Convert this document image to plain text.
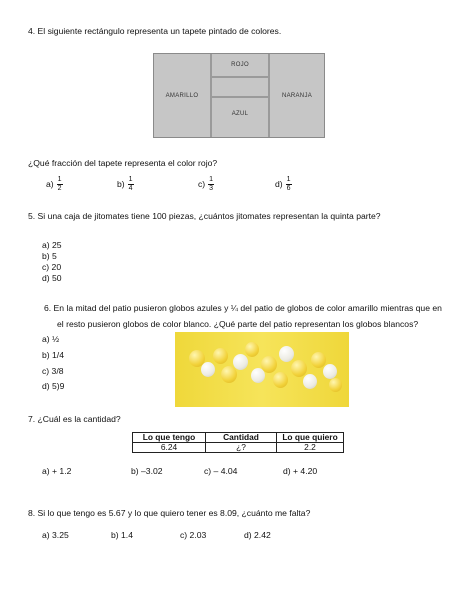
4. El siguiente rectángulo representa un tapete pintado de colores.
AMARILLO
ROJO
AZUL
NARANJA
¿Qué fracción del tapete representa el color rojo?
$a) \frac{1}{2}$	$b) \frac{1}{4}$	$c) \frac{1}{3}$	$d) \frac{1}{6}$
5. Si una caja de jitomates tiene 100 piezas, ¿cuántos jitomates representan la quinta parte?
a) 25
b) 5
c) 20
d) 50
6. En la mitad del patio pusieron globos azules y ¼ del patio de globos de color amarillo mientras que en
el resto pusieron globos de color blanco. ¿Qué parte del patio representan los globos blancos?
a) ½
b) 1/4
c) 3/8
d) 5)9
7. ¿Cuál es la cantidad?
Lo que tengo	Cantidad	Lo que quiero
6.24	¿?	2.2
a) + 1.2	b) –3.02	c) – 4.04	d) + 4.20
8. Si lo que tengo es 5.67 y lo que quiero tener es 8.09, ¿cuánto me falta?
a) 3.25	b) 1.4	c) 2.03	d) 2.42
